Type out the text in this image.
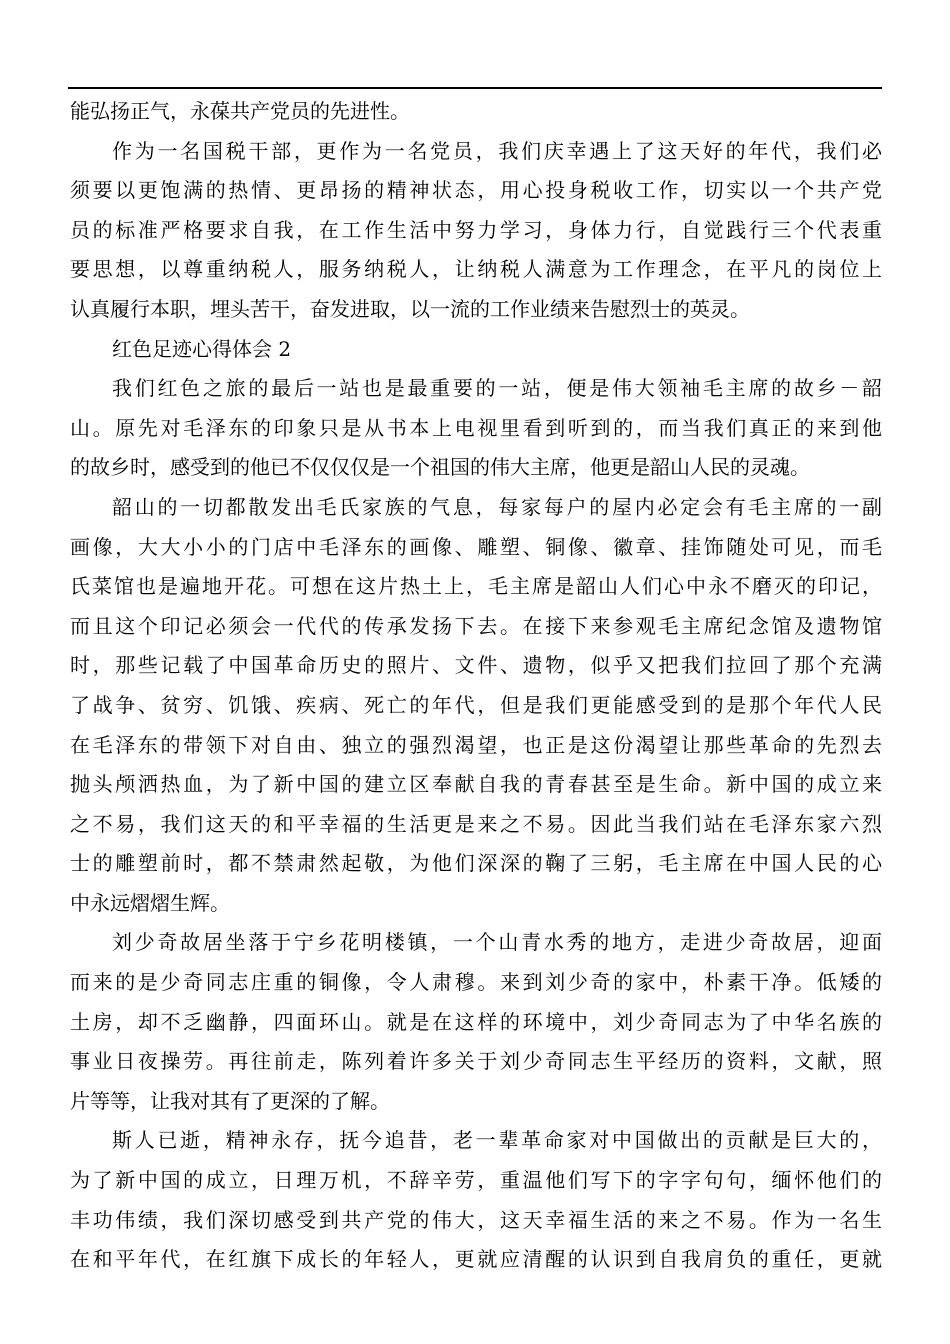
能弘扬正气，永葆共产党员的先进性。
作为一名国税干部，更作为一名党员，我们庆幸遇上了这天好的年代，我们必
须要以更饱满的热情、更昂扬的精神状态，用心投身税收工作，切实以一个共产党
员的标准严格要求自我，在工作生活中努力学习，身体力行，自觉践行三个代表重
要思想，以尊重纳税人，服务纳税人，让纳税人满意为工作理念，在平凡的岗位上
认真履行本职，埋头苦干，奋发进取，以一流的工作业绩来告慰烈士的英灵。
红色足迹心得体会 2
我们红色之旅的最后一站也是最重要的一站，便是伟大领袖毛主席的故乡－韶
山。原先对毛泽东的印象只是从书本上电视里看到听到的，而当我们真正的来到他
的故乡时，感受到的他已不仅仅仅是一个祖国的伟大主席，他更是韶山人民的灵魂。
韶山的一切都散发出毛氏家族的气息，每家每户的屋内必定会有毛主席的一副
画像，大大小小的门店中毛泽东的画像、雕塑、铜像、徽章、挂饰随处可见，而毛
氏菜馆也是遍地开花。可想在这片热土上，毛主席是韶山人们心中永不磨灭的印记，
而且这个印记必须会一代代的传承发扬下去。在接下来参观毛主席纪念馆及遗物馆
时，那些记载了中国革命历史的照片、文件、遗物，似乎又把我们拉回了那个充满
了战争、贫穷、饥饿、疾病、死亡的年代，但是我们更能感受到的是那个年代人民
在毛泽东的带领下对自由、独立的强烈渴望，也正是这份渴望让那些革命的先烈去
抛头颅洒热血，为了新中国的建立区奉献自我的青春甚至是生命。新中国的成立来
之不易，我们这天的和平幸福的生活更是来之不易。因此当我们站在毛泽东家六烈
士的雕塑前时，都不禁肃然起敬，为他们深深的鞠了三躬，毛主席在中国人民的心
中永远熠熠生辉。
刘少奇故居坐落于宁乡花明楼镇，一个山青水秀的地方，走进少奇故居，迎面
而来的是少奇同志庄重的铜像，令人肃穆。来到刘少奇的家中，朴素干净。低矮的
土房，却不乏幽静，四面环山。就是在这样的环境中，刘少奇同志为了中华名族的
事业日夜操劳。再往前走，陈列着许多关于刘少奇同志生平经历的资料，文献，照
片等等，让我对其有了更深的了解。
斯人已逝，精神永存，抚今追昔，老一辈革命家对中国做出的贡献是巨大的，
为了新中国的成立，日理万机，不辞辛劳，重温他们写下的字字句句，缅怀他们的
丰功伟绩，我们深切感受到共产党的伟大，这天幸福生活的来之不易。作为一名生
在和平年代，在红旗下成长的年轻人，更就应清醒的认识到自我肩负的重任，更就
